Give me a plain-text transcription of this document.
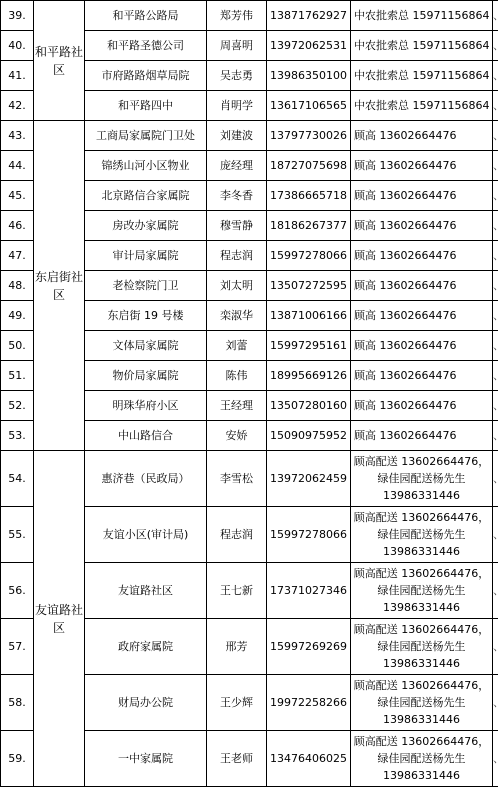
39.	和平路社区	和平路公路局	郑芳伟	13871762927	中农批索总 15971156864	、
40.		和平路圣德公司	周喜明	13972062531	中农批索总 15971156864	、
41.		市府路路烟草局院	吴志勇	13986350100	中农批索总 15971156864	、
42.		和平路四中	肖明学	13617106565	中农批索总 15971156864	、
43.	东启街社区	工商局家属院门卫处	刘建波	13797730026	顾高 13602664476	、
44.		锦绣山河小区物业	庞经理	18727075698	顾高 13602664476	、
45.		北京路信合家属院	李冬香	17386665718	顾高 13602664476	、
46.		房改办家属院	穆雪静	18186267377	顾高 13602664476	、
47.		审计局家属院	程志润	15997278066	顾高 13602664476	、
48.		老检察院门卫	刘太明	13507272595	顾高 13602664476	、
49.		东启街 19 号楼	栾淑华	13871006166	顾高 13602664476	、
50.		文体局家属院	刘蕾	15997295161	顾高 13602664476	、
51.		物价局家属院	陈伟	18995669126	顾高 13602664476	、
52.		明珠华府小区	王经理	13507280160	顾高 13602664476	、
53.		中山路信合	安娇	15090975952	顾高 13602664476	、
54.	友谊路社区	惠济巷（民政局）	李雪松	13972062459	顾高配送 13602664476，绿佳园配送杨先生 13986331446	、
55.		友谊小区(审计局)	程志润	15997278066	顾高配送 13602664476，绿佳园配送杨先生 13986331446	、
56.		友谊路社区	王七新	17371027346	顾高配送 13602664476，绿佳园配送杨先生 13986331446	、
57.		政府家属院	邢芳	15997269269	顾高配送 13602664476，绿佳园配送杨先生 13986331446	、
58.		财局办公院	王少辉	19972258266	顾高配送 13602664476，绿佳园配送杨先生 13986331446	、
59.		一中家属院	王老师	13476406025	顾高配送 13602664476，绿佳园配送杨先生 13986331446	、
